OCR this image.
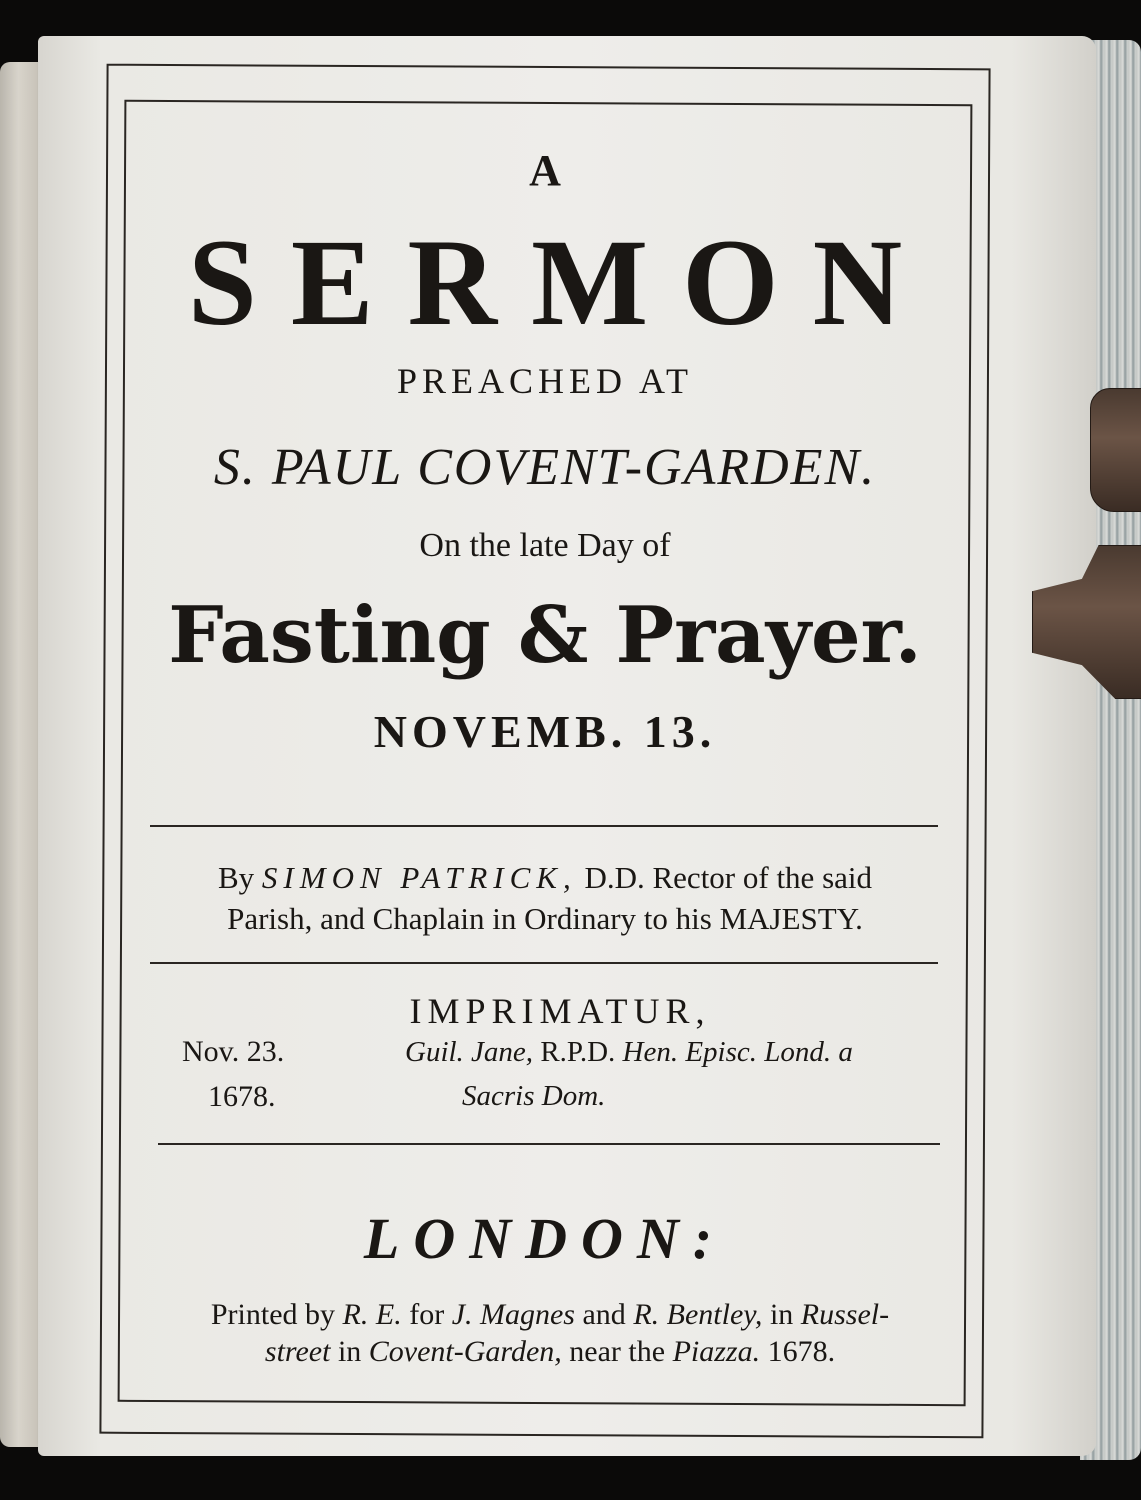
A
SERMON
PREACHED AT
S. PAUL COVENT-GARDEN.
On the late Day of
Fasting & Prayer.
NOVEMB. 13.
By SIMON PATRICK, D.D. Rector of the said
Parish, and Chaplain in Ordinary to his MAJESTY.
IMPRIMATUR,
Nov. 23.
1678.
Guil. Jane, R.P.D. Hen. Episc. Lond. a
Sacris Dom.
LONDON:
Printed by R. E. for J. Magnes and R. Bentley, in Russel-
street in Covent-Garden, near the Piazza. 1678.
